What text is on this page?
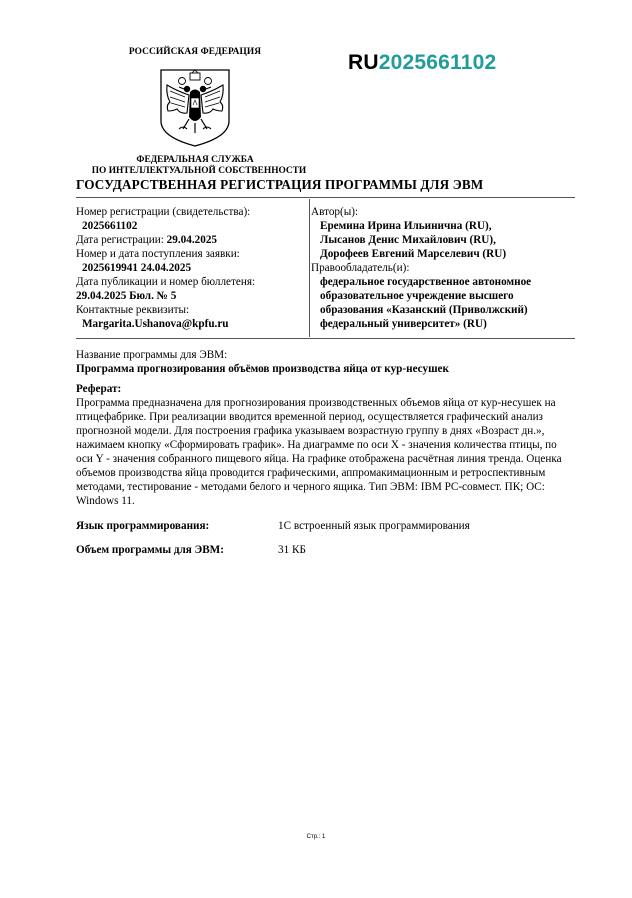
РОССИЙСКАЯ ФЕДЕРАЦИЯ	RU2025661102
ФЕДЕРАЛЬНАЯ СЛУЖБА
ПО ИНТЕЛЛЕКТУАЛЬНОЙ СОБСТВЕННОСТИ
ГОСУДАРСТВЕННАЯ РЕГИСТРАЦИЯ ПРОГРАММЫ ДЛЯ ЭВМ
Номер регистрации (свидетельства):
2025661102
Дата регистрации: 29.04.2025
Номер и дата поступления заявки:
2025619941 24.04.2025
Дата публикации и номер бюллетеня:
29.04.2025 Бюл. № 5
Контактные реквизиты:
Margarita.Ushanova@kpfu.ru
Автор(ы):
Еремина Ирина Ильинична (RU),
Лысанов Денис Михайлович (RU),
Дорофеев Евгений Марселевич (RU)
Правообладатель(и):
федеральное государственное автономное
образовательное учреждение высшего
образования «Казанский (Приволжский)
федеральный университет» (RU)
Название программы для ЭВМ:
Программа прогнозирования объёмов производства яйца от кур-несушек
Реферат:
Программа предназначена для прогнозирования производственных объемов яйца от кур-несушек на птицефабрике. При реализации вводится временной период, осуществляется графический анализ прогнозной модели. Для построения графика указываем возрастную группу в днях «Возраст дн.», нажимаем кнопку «Сформировать график». На диаграмме по оси X - значения количества птицы, по оси Y - значения собранного пищевого яйца. На графике отображена расчётная линия тренда. Оценка объемов производства яйца проводится графическими, аппромакимационным и ретроспективным методами, тестирование - методами белого и черного ящика. Тип ЭВМ: IBM PC-совмест. ПК; ОС: Windows 11.
Язык программирования:	1С встроенный язык программирования
Объем программы для ЭВМ:	31 КБ
Стр.: 1
